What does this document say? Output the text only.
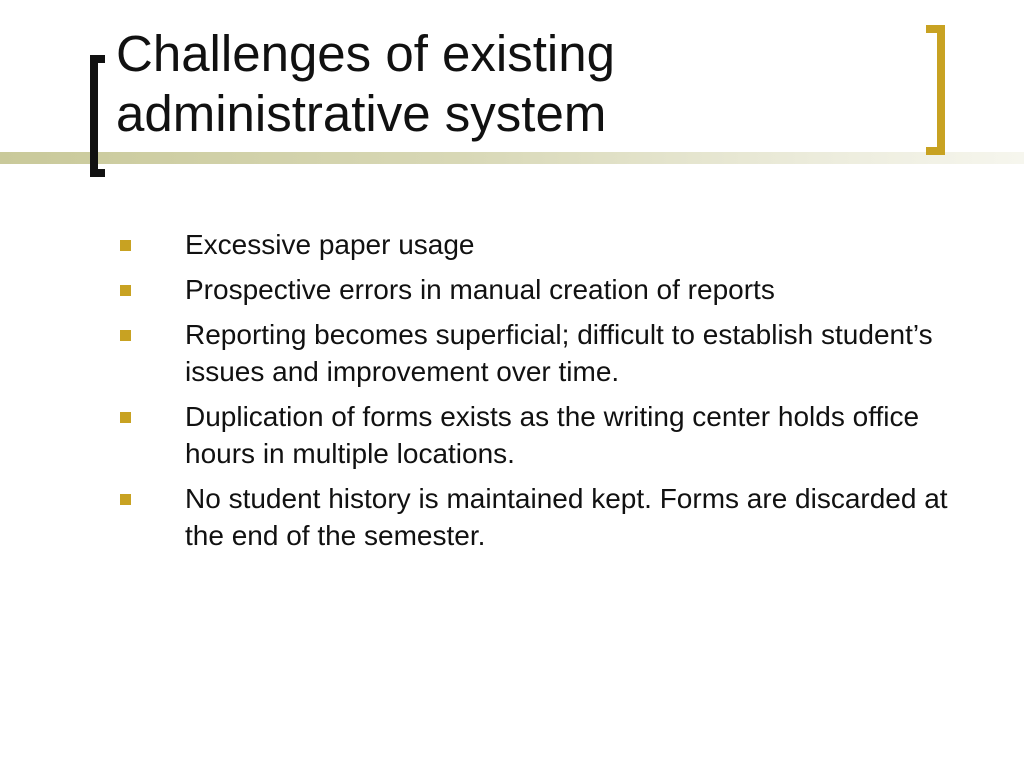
Challenges of existing administrative system
Excessive paper usage
Prospective errors in manual creation of reports
Reporting becomes superficial; difficult to establish student’s issues and improvement over time.
Duplication of forms exists as the writing center holds office hours in multiple locations.
No student history is maintained kept. Forms are discarded at the end of the semester.
